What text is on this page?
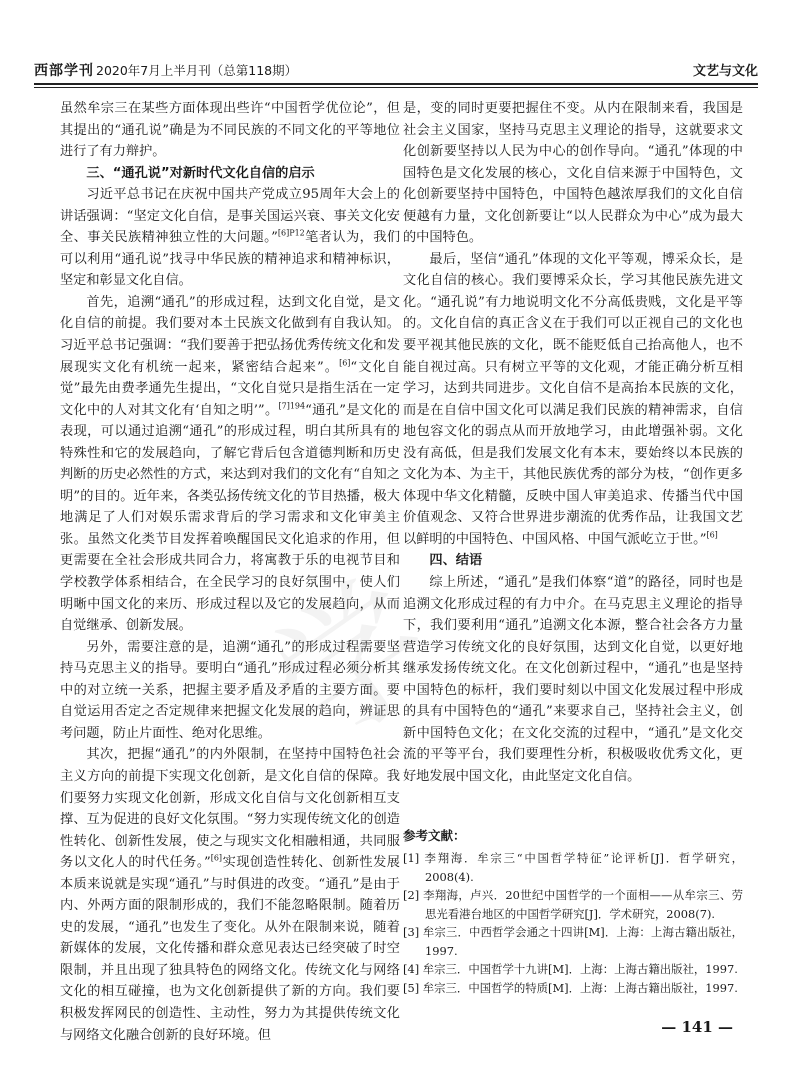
西部学刊 2020年7月上半月刊（总第118期）	文艺与文化

虽然牟宗三在某些方面体现出些许“中国哲学优位论”，但其提出的“通孔说”确是为不同民族的不同文化的平等地位进行了有力辩护。

三、“通孔说”对新时代文化自信的启示

习近平总书记在庆祝中国共产党成立95周年大会上的讲话强调：“坚定文化自信，是事关国运兴衰、事关文化安全、事关民族精神独立性的大问题。”$^{[6]P12}$笔者认为，我们可以利用“通孔说”找寻中华民族的精神追求和精神标识，坚定和彰显文化自信。

首先，追溯“通孔”的形成过程，达到文化自觉，是文化自信的前提。我们要对本土民族文化做到有自我认知。习近平总书记强调：“我们要善于把弘扬优秀传统文化和发展现实文化有机统一起来，紧密结合起来”。[6]“文化自觉”最先由费孝通先生提出，“文化自觉只是指生活在一定文化中的人对其文化有‘自知之明’”。$^{[7]194}$“通孔”是文化的表现，可以通过追溯“通孔”的形成过程，明白其所具有的特殊性和它的发展趋向，了解它背后包含道德判断和历史判断的历史必然性的方式，来达到对我们的文化有“自知之明”的目的。近年来，各类弘扬传统文化的节目热播，极大地满足了人们对娱乐需求背后的学习需求和文化审美主张。虽然文化类节目发挥着唤醒国民文化追求的作用，但更需要在全社会形成共同合力，将寓教于乐的电视节目和学校教学体系相结合，在全民学习的良好氛围中，使人们明晰中国文化的来历、形成过程以及它的发展趋向，从而自觉继承、创新发展。

另外，需要注意的是，追溯“通孔”的形成过程需要坚持马克思主义的指导。要明白“通孔”形成过程必须分析其中的对立统一关系，把握主要矛盾及矛盾的主要方面。要自觉运用否定之否定规律来把握文化发展的趋向，辨证思考问题，防止片面性、绝对化思维。

其次，把握“通孔”的内外限制，在坚持中国特色社会主义方向的前提下实现文化创新，是文化自信的保障。我们要努力实现文化创新，形成文化自信与文化创新相互支撑、互为促进的良好文化氛围。“努力实现传统文化的创造性转化、创新性发展，使之与现实文化相融相通，共同服务以文化人的时代任务。”[6]实现创造性转化、创新性发展本质来说就是实现“通孔”与时俱进的改变。“通孔”是由于内、外两方面的限制形成的，我们不能忽略限制。随着历史的发展，“通孔”也发生了变化。从外在限制来说，随着新媒体的发展，文化传播和群众意见表达已经突破了时空限制，并且出现了独具特色的网络文化。传统文化与网络文化的相互碰撞，也为文化创新提供了新的方向。我们要积极发挥网民的创造性、主动性，努力为其提供传统文化与网络文化融合创新的良好环境。但

是，变的同时更要把握住不变。从内在限制来看，我国是社会主义国家，坚持马克思主义理论的指导，这就要求文化创新要坚持以人民为中心的创作导向。“通孔”体现的中国特色是文化发展的核心，文化自信来源于中国特色，文化创新要坚持中国特色，中国特色越浓厚我们的文化自信便越有力量，文化创新要让“以人民群众为中心”成为最大的中国特色。

最后，坚信“通孔”体现的文化平等观，博采众长，是文化自信的核心。我们要博采众长，学习其他民族先进文化。“通孔说”有力地说明文化不分高低贵贱，文化是平等的。文化自信的真正含义在于我们可以正视自己的文化也要平视其他民族的文化，既不能贬低自己抬高他人，也不能自视过高。只有树立平等的文化观，才能正确分析互相学习，达到共同进步。文化自信不是高抬本民族的文化，而是在自信中国文化可以满足我们民族的精神需求，自信地包容文化的弱点从而开放地学习，由此增强补弱。文化没有高低，但是我们发展文化有本末，要始终以本民族的文化为本、为主干，其他民族优秀的部分为枝，“创作更多体现中华文化精髓，反映中国人审美追求、传播当代中国价值观念、又符合世界进步潮流的优秀作品，让我国文艺以鲜明的中国特色、中国风格、中国气派屹立于世。”[6]

四、结语

综上所述，“通孔”是我们体察“道”的路径，同时也是追溯文化形成过程的有力中介。在马克思主义理论的指导下，我们要利用“通孔”追溯文化本源，整合社会各方力量营造学习传统文化的良好氛围，达到文化自觉，以更好地继承发扬传统文化。在文化创新过程中，“通孔”也是坚持中国特色的标杆，我们要时刻以中国文化发展过程中形成的具有中国特色的“通孔”来要求自己，坚持社会主义，创新中国特色文化；在文化交流的过程中，“通孔”是文化交流的平等平台，我们要理性分析，积极吸收优秀文化，更好地发展中国文化，由此坚定文化自信。

参考文献：
[1] 李翔海．牟宗三“中国哲学特征”论评析[J]．哲学研究，2008(4).
[2] 李翔海，卢兴．20世纪中国哲学的一个面相——从牟宗三、劳思光看港台地区的中国哲学研究[J]．学术研究，2008(7).
[3] 牟宗三．中西哲学会通之十四讲[M]．上海：上海古籍出版社，1997.
[4] 牟宗三．中国哲学十九讲[M]．上海：上海古籍出版社，1997.
[5] 牟宗三．中国哲学的特质[M]．上海：上海古籍出版社，1997.
— 141 —
